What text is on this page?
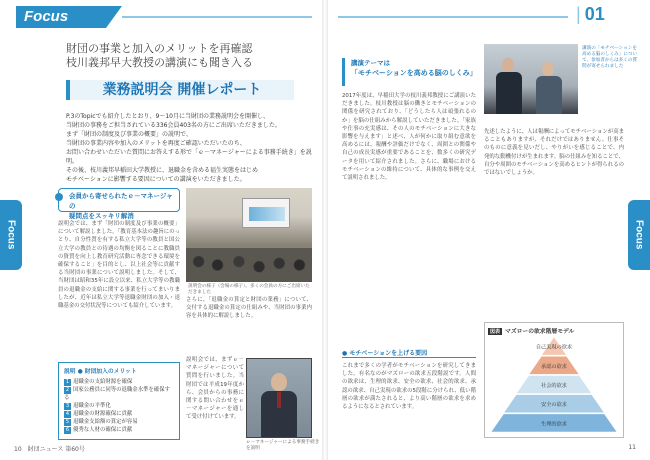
Focus
|	01
Focus	Focus
財団の事業と加入のメリットを再確認
枝川義邦早大教授の講演にも聞き入る
業務説明会 開催レポート

P.3のTopicでも紹介したとおり、9～10月に当財団の業務説明会を開催し、

当財団の事務をご担当されている336会員403名の方にご出席いただきました。

まず「財団の制度及び事業の概要」の説明で、

当財団の事業内容や加入のメリットを再度ご確認いただいたのち、

お問い合わせいただいた質問にお答えする形で「ｅ－マネージャーによる事務手続き」を説明。

その後、枝川義邦早稲田大学教授に、退職金を含める福生実態をはじめ

モチベーションに影響する要因についての講演をいただきました。

会員から寄せられたｅ－マネージャの
疑問点をスッキリ解消
説明会では、まず「財団の制度及び事業の概要」について解説しました。「教育基本法の趣旨にのっとり、自分性質を有する私立大学等の教員と国公立大学の教員との待遇の均衡を図ることに教職員の資質を向上し教育研究活動に専念できる環境を確保すること」を目的とし、以上社会等に貢献する当財団の事業について説明しました。そして、当財団は昭和35年に設立以来、私立大学等の教職員の退職金の支給に関する事業を行ってまいりましたが、近年は私立大学等退職金財団の加入・退職基金の交付状況等についても紹介しています。
説明 ● 財団加入のメリット
1 退職金の支給財源を確保
2 国家公務員に同等の退職金水準を確保する
3 退職金の平準化
4 退職金の財源確保に貢献
5 退職金支給額の算定が容易
6 優秀な人材の確保に貢献
説明会の様子（会場の様子）。多くの会員の方にご出席いただきました
さらに、「退職金の算定と財団の業務」について、交付する退職金の算定の仕組みや、当財団の事業内容を具体的に解説しました。
説明会では、まずｅ－マネージャーについて質問を行いました。当財団では平成19年度から、会員からの事務に関する問い合わせをｅ－マネージャーを通して受け付けています。
ｅ－マネージャーによる事務手続きを説明
10　財団ニュース 第60号
講演テーマは
「モチベーションを高める脳のしくみ」
2017年度は、早稲田大学の枝川義邦教授にご講演いただきました。枝川教授は脳の働きとモチベーションの関係を研究されており、「どうしたら人は頑張れるのか」を脳の仕組みから解説していただきました。「家族や仕事の充実感は、その人のモチベーションに大きな影響を与えます」と述べ、人が何かに取り組む意欲を高めるには、報酬や評価だけでなく、周囲との関係や自己の成長実感が重要であることを、数多くの研究データを用いて紹介されました。さらに、職場におけるモチベーションの維持について、具体的な事例を交えて説明されました。
● モチベーションを上げる要因
これまで多くの学者がモチベーションを研究してきました。有名なのがマズローの欲求五段階説です。人間の欲求は、生理的欲求、安全の欲求、社会的欲求、承認の欲求、自己実現の欲求の5段階に分けられ、低い階層の欲求が満たされると、より高い階層の欲求を求めるようになるとされています。
講演の「モチベーションを高める脳のしくみ」について、参加者からは多くの質問が寄せられました
先述したように、人は報酬によってモチベーションが高まることもありますが、それだけではありません。仕事そのものに意義を見いだし、やりがいを感じることで、内発的な動機付けが生まれます。脳の仕組みを知ることで、自分や周囲のモチベーションを高めるヒントが得られるのではないでしょうか。
図表 マズローの欲求階層モデル
自己実現の欲求
承認の欲求
社会的欲求
安全の欲求
生理的欲求
11
